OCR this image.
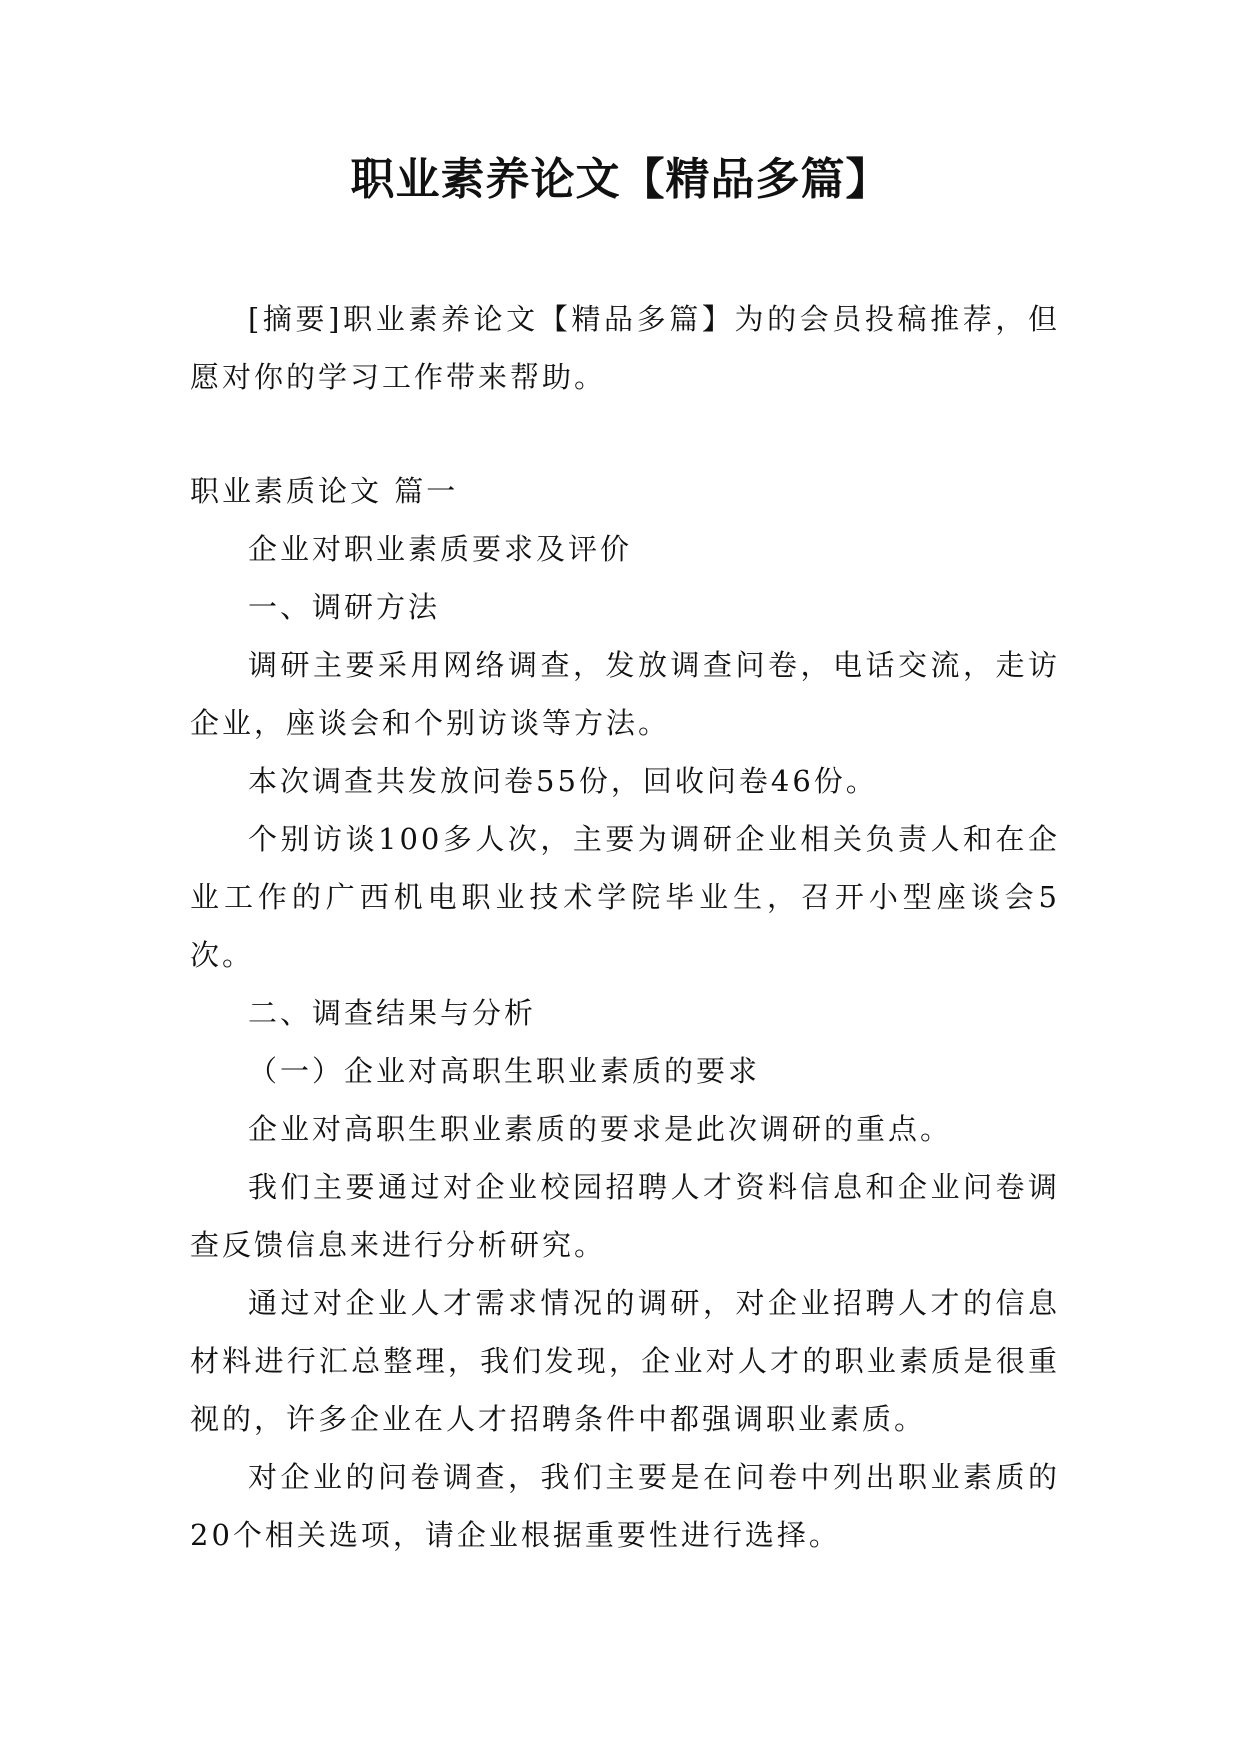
职业素养论文【精品多篇】

[摘要]职业素养论文【精品多篇】为的会员投稿推荐，但愿对你的学习工作带来帮助。

职业素质论文 篇一

企业对职业素质要求及评价

一、调研方法

调研主要采用网络调查，发放调查问卷，电话交流，走访企业，座谈会和个别访谈等方法。

本次调查共发放问卷55份，回收问卷46份。

个别访谈100多人次，主要为调研企业相关负责人和在企业工作的广西机电职业技术学院毕业生，召开小型座谈会5次。

二、调查结果与分析

（一）企业对高职生职业素质的要求

企业对高职生职业素质的要求是此次调研的重点。

我们主要通过对企业校园招聘人才资料信息和企业问卷调查反馈信息来进行分析研究。

通过对企业人才需求情况的调研，对企业招聘人才的信息材料进行汇总整理，我们发现，企业对人才的职业素质是很重视的，许多企业在人才招聘条件中都强调职业素质。

对企业的问卷调查，我们主要是在问卷中列出职业素质的20个相关选项，请企业根据重要性进行选择。
